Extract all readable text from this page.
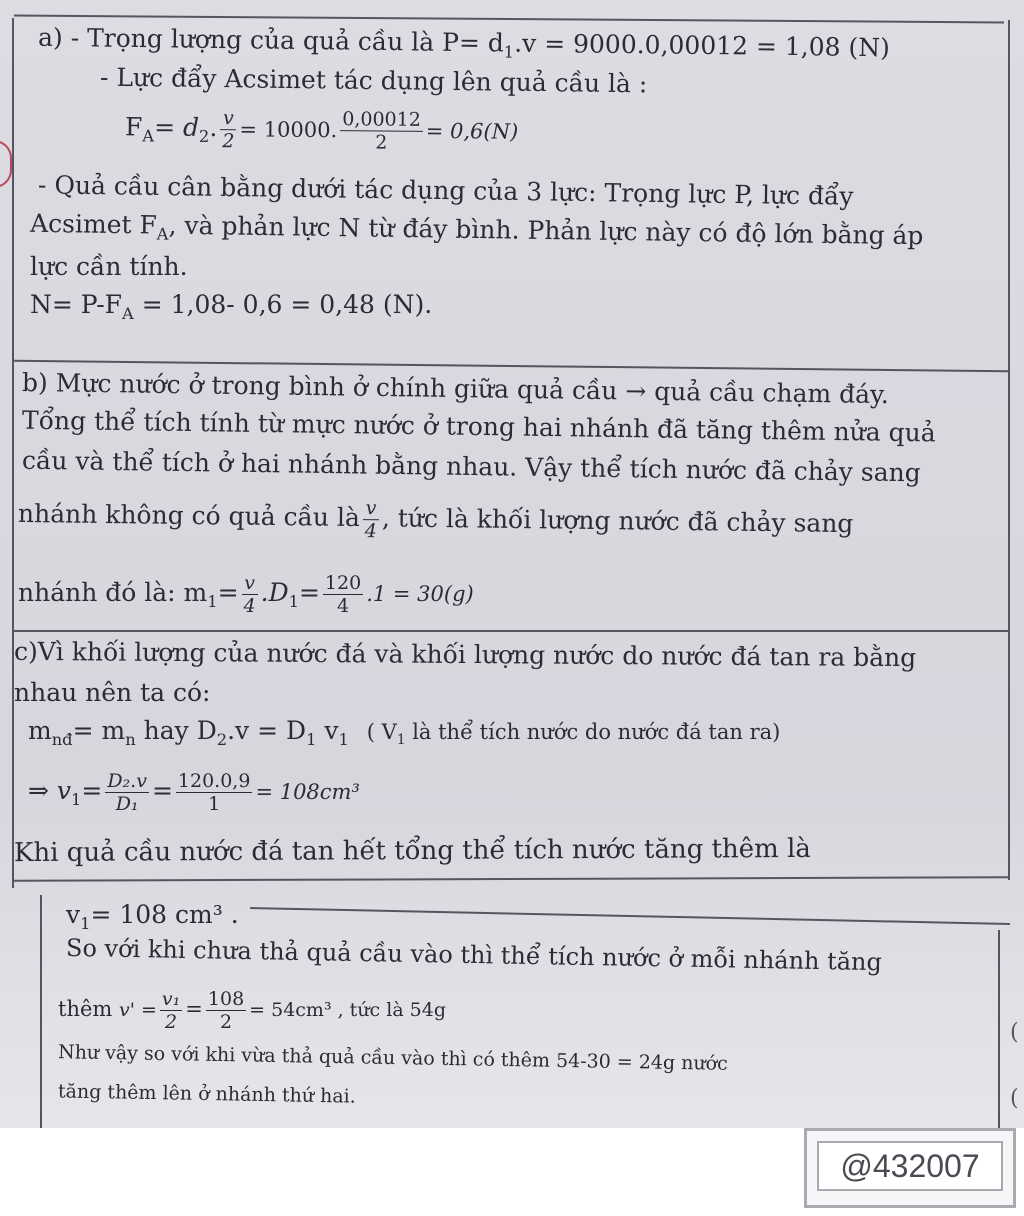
a) - Trọng lượng của quả cầu là $P= d_1.v = 9000.0,00012 = 1,08$ (N)
- Lực đẩy Acsimet tác dụng lên quả cầu là :
$F_A= d_2$. $\frac{v}{2} = 10000$. $\frac{0,00012}{2} = 0,6(N)$
- Quả cầu cân bằng dưới tác dụng của 3 lực: Trọng lực P, lực đẩy
Acsimet $F_A$, và phản lực N từ đáy bình. Phản lực này có độ lớn bằng áp
lực cần tính.
$N= P-F_A = 1,08-$ 0,6 = 0,48 (N).
b) Mực nước ở trong bình ở chính giữa quả cầu → quả cầu chạm đáy.
Tổng thể tích tính từ mực nước ở trong hai nhánh đã tăng thêm nửa quả
cầu và thể tích ở hai nhánh bằng nhau. Vậy thể tích nước đã chảy sang
nhánh không có quả cầu là $\frac{v}{4}$ , tức là khối lượng nước đã chảy sang
nhánh đó là: $m_1= \frac{v}{4} .D_1= \frac{120}{4} .1 = 30(g)$
c)Vì khối lượng của nước đá và khối lượng nước do nước đá tan ra bằng
nhau nên ta có:
$m_{nđ}= m_n$ hay $D_2.v = D_1$ $v_1$ ( $V_1$ là thể tích nước do nước đá tan ra)
⇒ $v_1= \frac{\text{D₂.v}}{\text{D₁}} = \frac{120.0,9}{1} = 108cm^3$
Khi quả cầu nước đá tan hết tổng thể tích nước tăng thêm là
$v_1= 108$ cm³ .
So với khi chưa thả quả cầu vào thì thể tích nước ở mỗi nhánh tăng
thêm $v' = \frac{\text{v₁}}{2} = \frac{108}{2} = 54cm^3$ , tức là 54g
Như vậy so với khi vừa thả quả cầu vào thì có thêm 54-30 = 24g nước
tăng thêm lên ở nhánh thứ hai.
(
(
@432007
